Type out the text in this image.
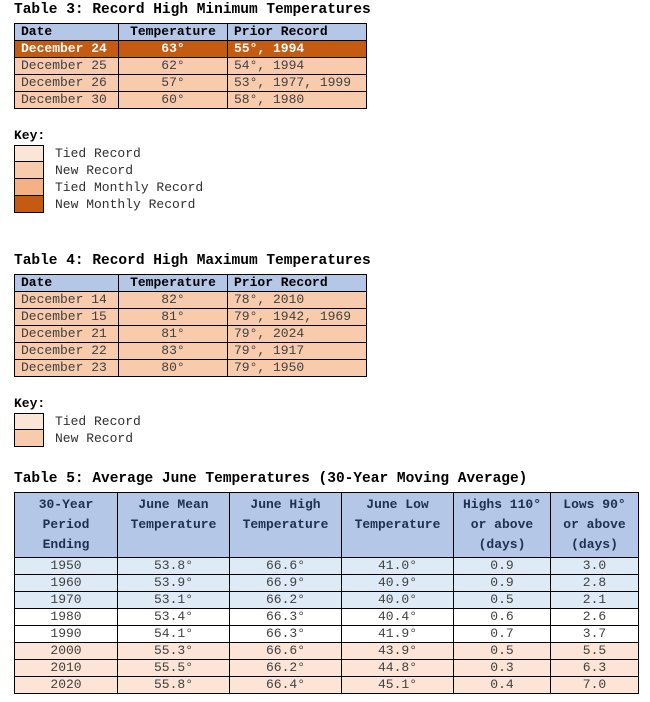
Table 3: Record High Minimum Temperatures
Date	Temperature	Prior Record
December 24	63°	55°, 1994
December 25	62°	54°, 1994
December 26	57°	53°, 1977, 1999
December 30	60°	58°, 1980
Key:
Tied Record
New Record
Tied Monthly Record
New Monthly Record
Table 4: Record High Maximum Temperatures
Date	Temperature	Prior Record
December 14	82°	78°, 2010
December 15	81°	79°, 1942, 1969
December 21	81°	79°, 2024
December 22	83°	79°, 1917
December 23	80°	79°, 1950
Key:
Tied Record
New Record
Table 5: Average June Temperatures (30-Year Moving Average)
30-Year Period Ending	June Mean Temperature	June High Temperature	June Low Temperature	Highs 110° or above (days)	Lows 90° or above (days)
1950	53.8°	66.6°	41.0°	0.9	3.0
1960	53.9°	66.9°	40.9°	0.9	2.8
1970	53.1°	66.2°	40.0°	0.5	2.1
1980	53.4°	66.3°	40.4°	0.6	2.6
1990	54.1°	66.3°	41.9°	0.7	3.7
2000	55.3°	66.6°	43.9°	0.5	5.5
2010	55.5°	66.2°	44.8°	0.3	6.3
2020	55.8°	66.4°	45.1°	0.4	7.0
